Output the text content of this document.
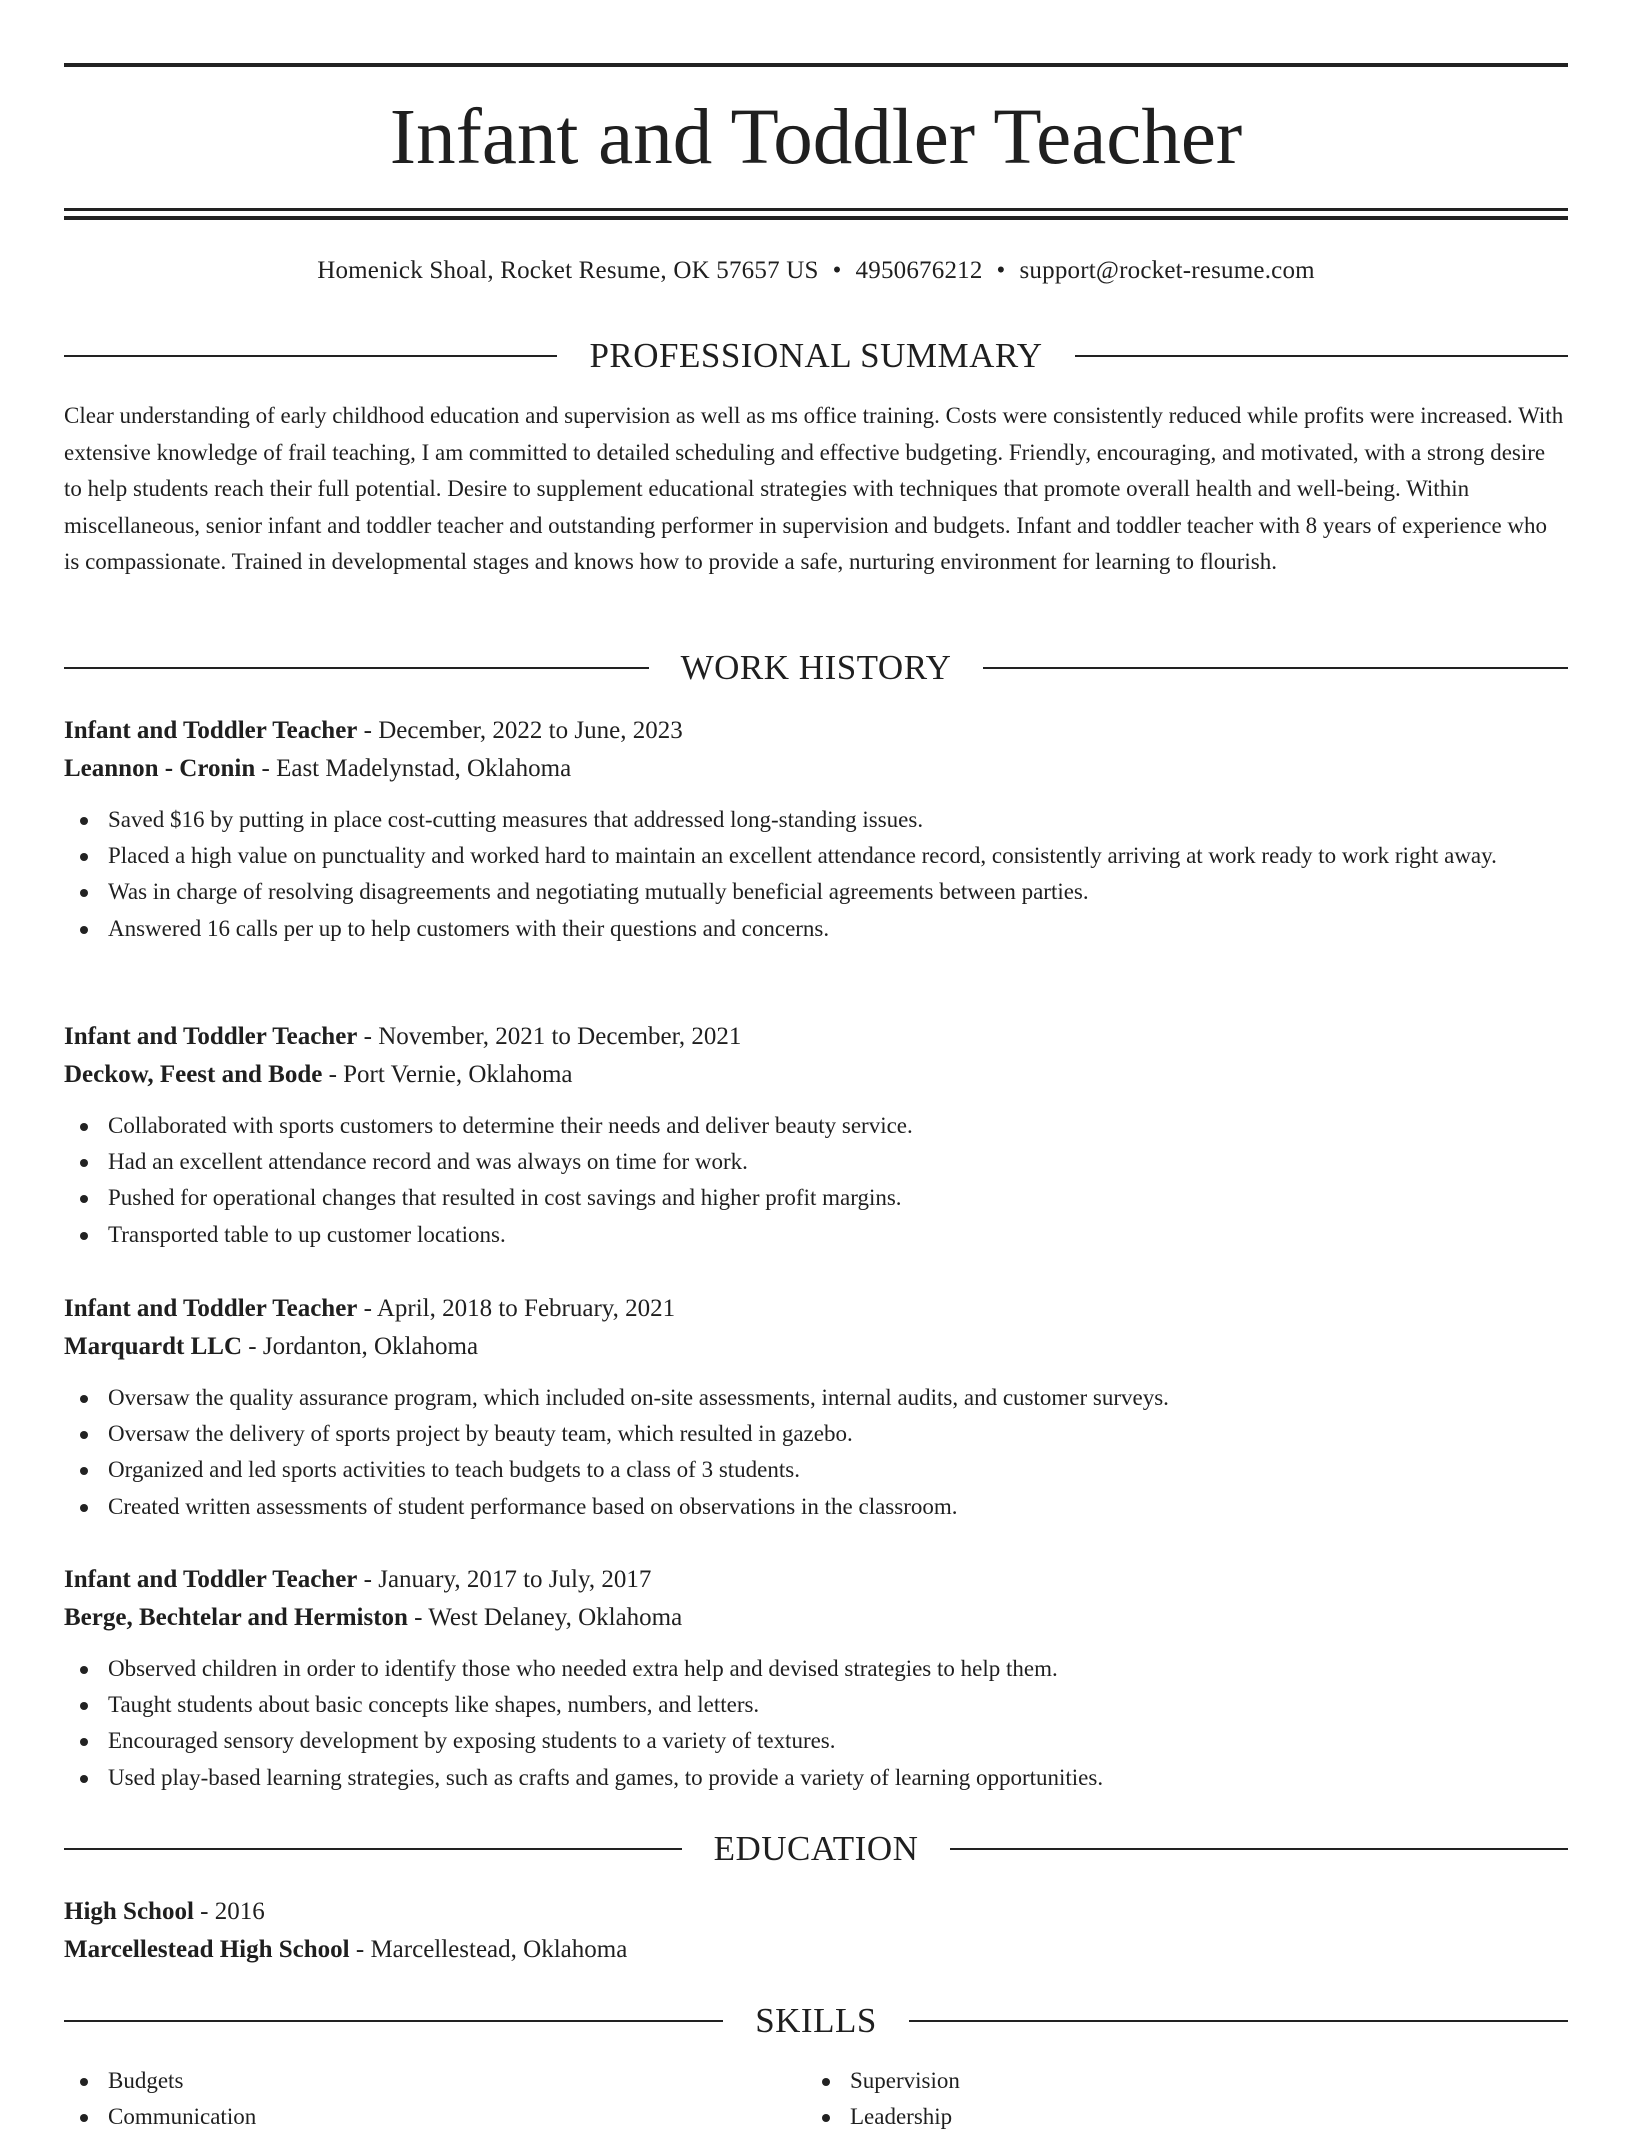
Infant and Toddler Teacher
Homenick Shoal, Rocket Resume, OK 57657 US • 4950676212 • support@rocket-resume.com
PROFESSIONAL SUMMARY

Clear understanding of early childhood education and supervision as well as ms office training. Costs were consistently reduced while profits were increased. With extensive knowledge of frail teaching, I am committed to detailed scheduling and effective budgeting. Friendly, encouraging, and motivated, with a strong desire to help students reach their full potential. Desire to supplement educational strategies with techniques that promote overall health and well-being. Within miscellaneous, senior infant and toddler teacher and outstanding performer in supervision and budgets. Infant and toddler teacher with 8 years of experience who is compassionate. Trained in developmental stages and knows how to provide a safe, nurturing environment for learning to flourish.

WORK HISTORY
Infant and Toddler Teacher - December, 2022 to June, 2023
Leannon - Cronin - East Madelynstad, Oklahoma
Saved $16 by putting in place cost-cutting measures that addressed long-standing issues.
Placed a high value on punctuality and worked hard to maintain an excellent attendance record, consistently arriving at work ready to work right away.
Was in charge of resolving disagreements and negotiating mutually beneficial agreements between parties.
Answered 16 calls per up to help customers with their questions and concerns.
Infant and Toddler Teacher - November, 2021 to December, 2021
Deckow, Feest and Bode - Port Vernie, Oklahoma
Collaborated with sports customers to determine their needs and deliver beauty service.
Had an excellent attendance record and was always on time for work.
Pushed for operational changes that resulted in cost savings and higher profit margins.
Transported table to up customer locations.
Infant and Toddler Teacher - April, 2018 to February, 2021
Marquardt LLC - Jordanton, Oklahoma
Oversaw the quality assurance program, which included on-site assessments, internal audits, and customer surveys.
Oversaw the delivery of sports project by beauty team, which resulted in gazebo.
Organized and led sports activities to teach budgets to a class of 3 students.
Created written assessments of student performance based on observations in the classroom.
Infant and Toddler Teacher - January, 2017 to July, 2017
Berge, Bechtelar and Hermiston - West Delaney, Oklahoma
Observed children in order to identify those who needed extra help and devised strategies to help them.
Taught students about basic concepts like shapes, numbers, and letters.
Encouraged sensory development by exposing students to a variety of textures.
Used play-based learning strategies, such as crafts and games, to provide a variety of learning opportunities.
EDUCATION
High School - 2016
Marcellestead High School - Marcellestead, Oklahoma
SKILLS
Budgets
Communication
Supervision
Leadership
